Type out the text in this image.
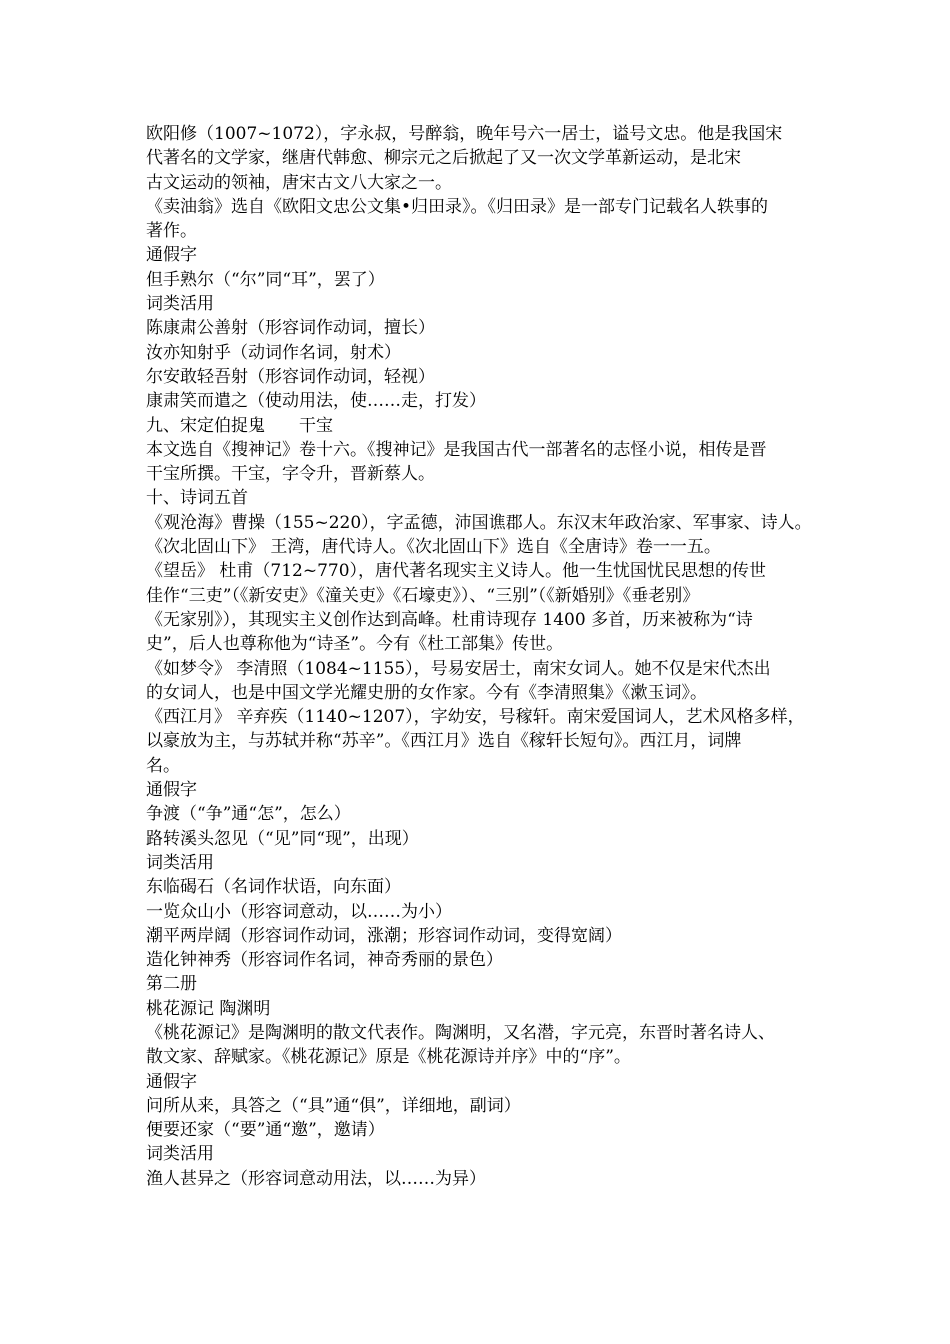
欧阳修（1007~1072），字永叔，号醉翁，晚年号六一居士，谥号文忠。他是我国宋
代著名的文学家，继唐代韩愈、柳宗元之后掀起了又一次文学革新运动，是北宋
古文运动的领袖，唐宋古文八大家之一。
《卖油翁》选自《欧阳文忠公文集•归田录》。《归田录》是一部专门记载名人轶事的
著作。
通假字
但手熟尔（“尔”同“耳”，罢了）
词类活用
陈康肃公善射（形容词作动词，擅长）
汝亦知射乎（动词作名词，射术）
尔安敢轻吾射（形容词作动词，轻视）
康肃笑而遣之（使动用法，使……走，打发）
九、宋定伯捉鬼　　干宝
本文选自《搜神记》卷十六。《搜神记》是我国古代一部著名的志怪小说，相传是晋
干宝所撰。干宝，字令升，晋新蔡人。
十、诗词五首
《观沧海》曹操（155~220），字孟德，沛国谯郡人。东汉末年政治家、军事家、诗人。
《次北固山下》 王湾，唐代诗人。《次北固山下》选自《全唐诗》卷一一五。
《望岳》 杜甫（712~770），唐代著名现实主义诗人。他一生忧国忧民思想的传世
佳作“三吏”（《新安吏》《潼关吏》《石壕吏》）、“三别”（《新婚别》《垂老别》
《无家别》），其现实主义创作达到高峰。杜甫诗现存 1400 多首，历来被称为“诗
史”，后人也尊称他为“诗圣”。今有《杜工部集》传世。
《如梦令》 李清照（1084~1155），号易安居士，南宋女词人。她不仅是宋代杰出
的女词人，也是中国文学光耀史册的女作家。今有《李清照集》《漱玉词》。
《西江月》 辛弃疾（1140~1207），字幼安，号稼轩。南宋爱国词人，艺术风格多样，
以豪放为主，与苏轼并称“苏辛”。《西江月》选自《稼轩长短句》。西江月，词牌
名。
通假字
争渡（“争”通“怎”，怎么）
路转溪头忽见（“见”同“现”，出现）
词类活用
东临碣石（名词作状语，向东面）
一览众山小（形容词意动，以……为小）
潮平两岸阔（形容词作动词，涨潮；形容词作动词，变得宽阔）
造化钟神秀（形容词作名词，神奇秀丽的景色）
第二册
桃花源记 陶渊明
《桃花源记》是陶渊明的散文代表作。陶渊明，又名潜，字元亮，东晋时著名诗人、
散文家、辞赋家。《桃花源记》原是《桃花源诗并序》中的“序”。
通假字
问所从来，具答之（“具”通“俱”，详细地，副词）
便要还家（“要”通“邀”，邀请）
词类活用
渔人甚异之（形容词意动用法，以……为异）
